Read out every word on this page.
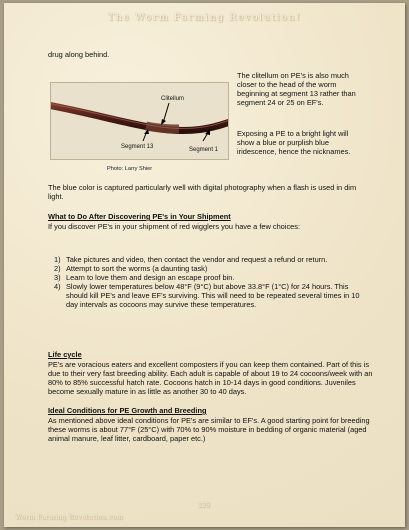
The Worm Farming Revolution!
drug along behind.
Clitellum
Segment 13	Segment 1
Photo: Larry Shier
The clitellum on PE's is also much closer to the head of the worm beginning at segment 13 rather than segment 24 or 25 on EF's.
Exposing a PE to a bright light will show a blue or purplish blue iridescence, hence the nicknames.
The blue color is captured particularly well with digital photography when a flash is used in dim light.
What to Do After Discovering PE's in Your Shipment
If you discover PE's in your shipment of red wigglers you have a few choices:
1) Take pictures and video, then contact the vendor and request a refund or return.
2) Attempt to sort the worms (a daunting task)
3) Learn to love them and design an escape proof bin.
4) Slowly lower temperatures below 48°F (9°C) but above 33.8°F (1°C) for 24 hours. This should kill PE's and leave EF's surviving. This will need to be repeated several times in 10 day intervals as cocoons may survive these temperatures.
Life cycle
PE's are voracious eaters and excellent composters if you can keep them contained. Part of this is due to their very fast breeding ability. Each adult is capable of about 19 to 24 cocoons/week with an 80% to 85% successful hatch rate. Cocoons hatch in 10-14 days in good conditions. Juveniles become sexually mature in as little as another 30 to 40 days.
Ideal Conditions for PE Growth and Breeding
As mentioned above ideal conditions for PE's are similar to EF's. A good starting point for breeding these worms is about 77°F (25°C) with 70% to 90% moisture in bedding of organic material (aged animal manure, leaf litter, cardboard, paper etc.)
129
Worm Farming Revolution.com
